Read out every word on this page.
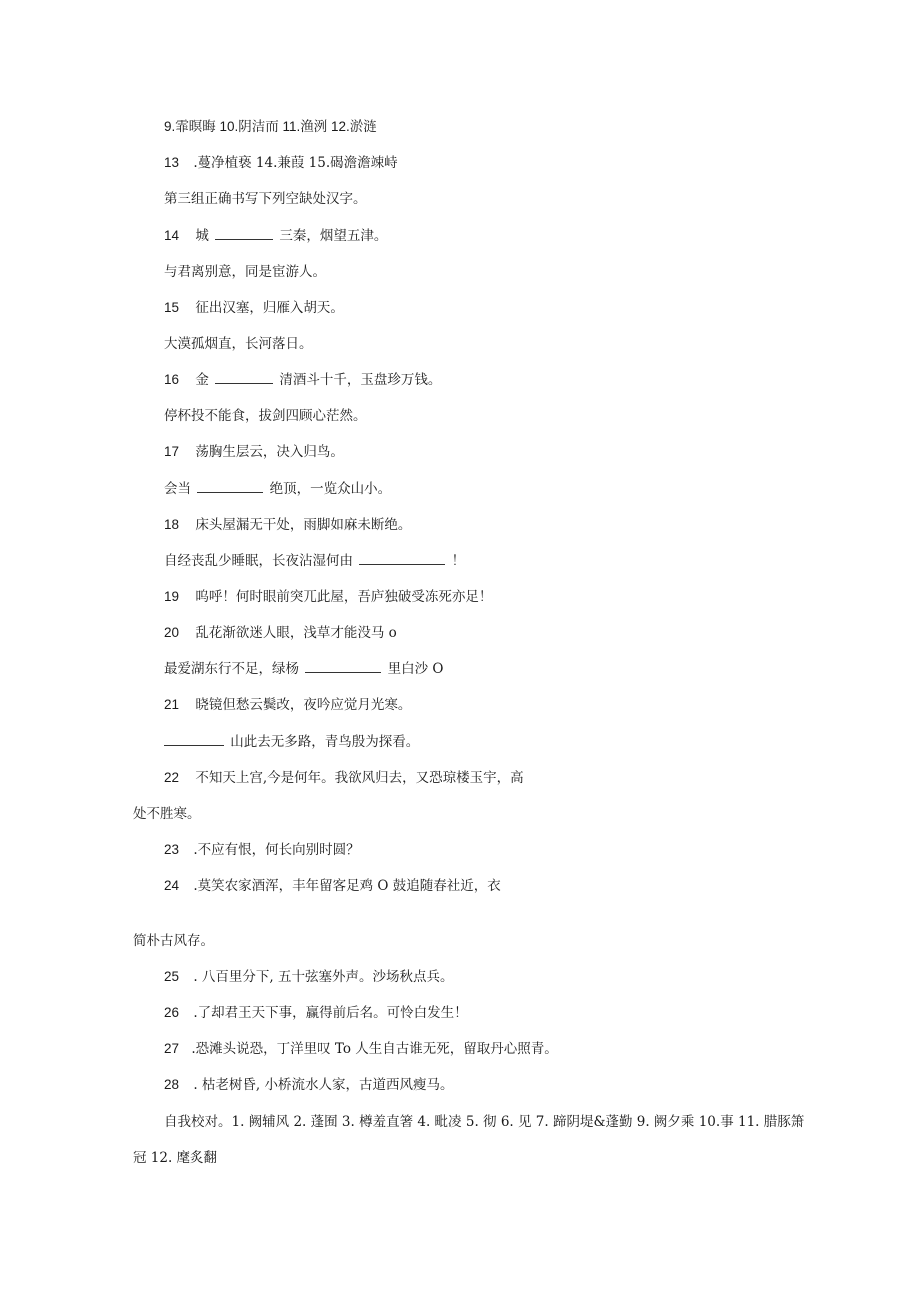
9.霏暝晦 10.阴洁而 11.渔洌 12.淤涟
13 .蔓净植亵 14.兼葭 15.碣澹澹竦峙
第三组正确书写下列空缺处汉字。
14 城	三秦，烟望五津。
与君离别意，同是宦游人。
15 征出汉塞，归雁入胡天。
大漠孤烟直，长河落日。
16 金	清酒斗十千，玉盘珍万钱。
停杯投不能食，拔剑四顾心茫然。
17 荡胸生层云，决入归鸟。
会当	绝顶，一览众山小。
18 床头屋漏无干处，雨脚如麻未断绝。
自经丧乱少睡眠，长夜沾湿何由	！
19 呜呼！何时眼前突兀此屋，吾庐独破受冻死亦足！
20 乱花渐欲迷人眼，浅草才能没马 o
最爱湖东行不足，绿杨	里白沙 O
21 晓镜但愁云鬓改，夜吟应觉月光寒。
山此去无多路，青鸟殷为探看。
22 不知天上宫,今是何年。我欲风归去，又恐琼楼玉宇，高
处不胜寒。
23 .不应有恨，何长向别时圆？
24 .莫笑农家酒浑，丰年留客足鸡 O 鼓追随春社近，衣
简朴古风存。
25 . 八百里分下, 五十弦塞外声。沙场秋点兵。
26 .了却君王天下事，赢得前后名。可怜白发生！
27 .恐滩头说恐，丁洋里叹 To 人生自古谁无死，留取丹心照青。
28 . 枯老树昏, 小桥流水人家，古道西风瘦马。
自我校对。1. 阙辅风 2. 蓬囿 3. 樽羞直箸 4. 毗凌 5. 彻 6. 见 7. 蹄阴堤&蓬勤 9. 阙夕乘 10.事 11. 腊豚箫
冠 12. 麾炙翻
